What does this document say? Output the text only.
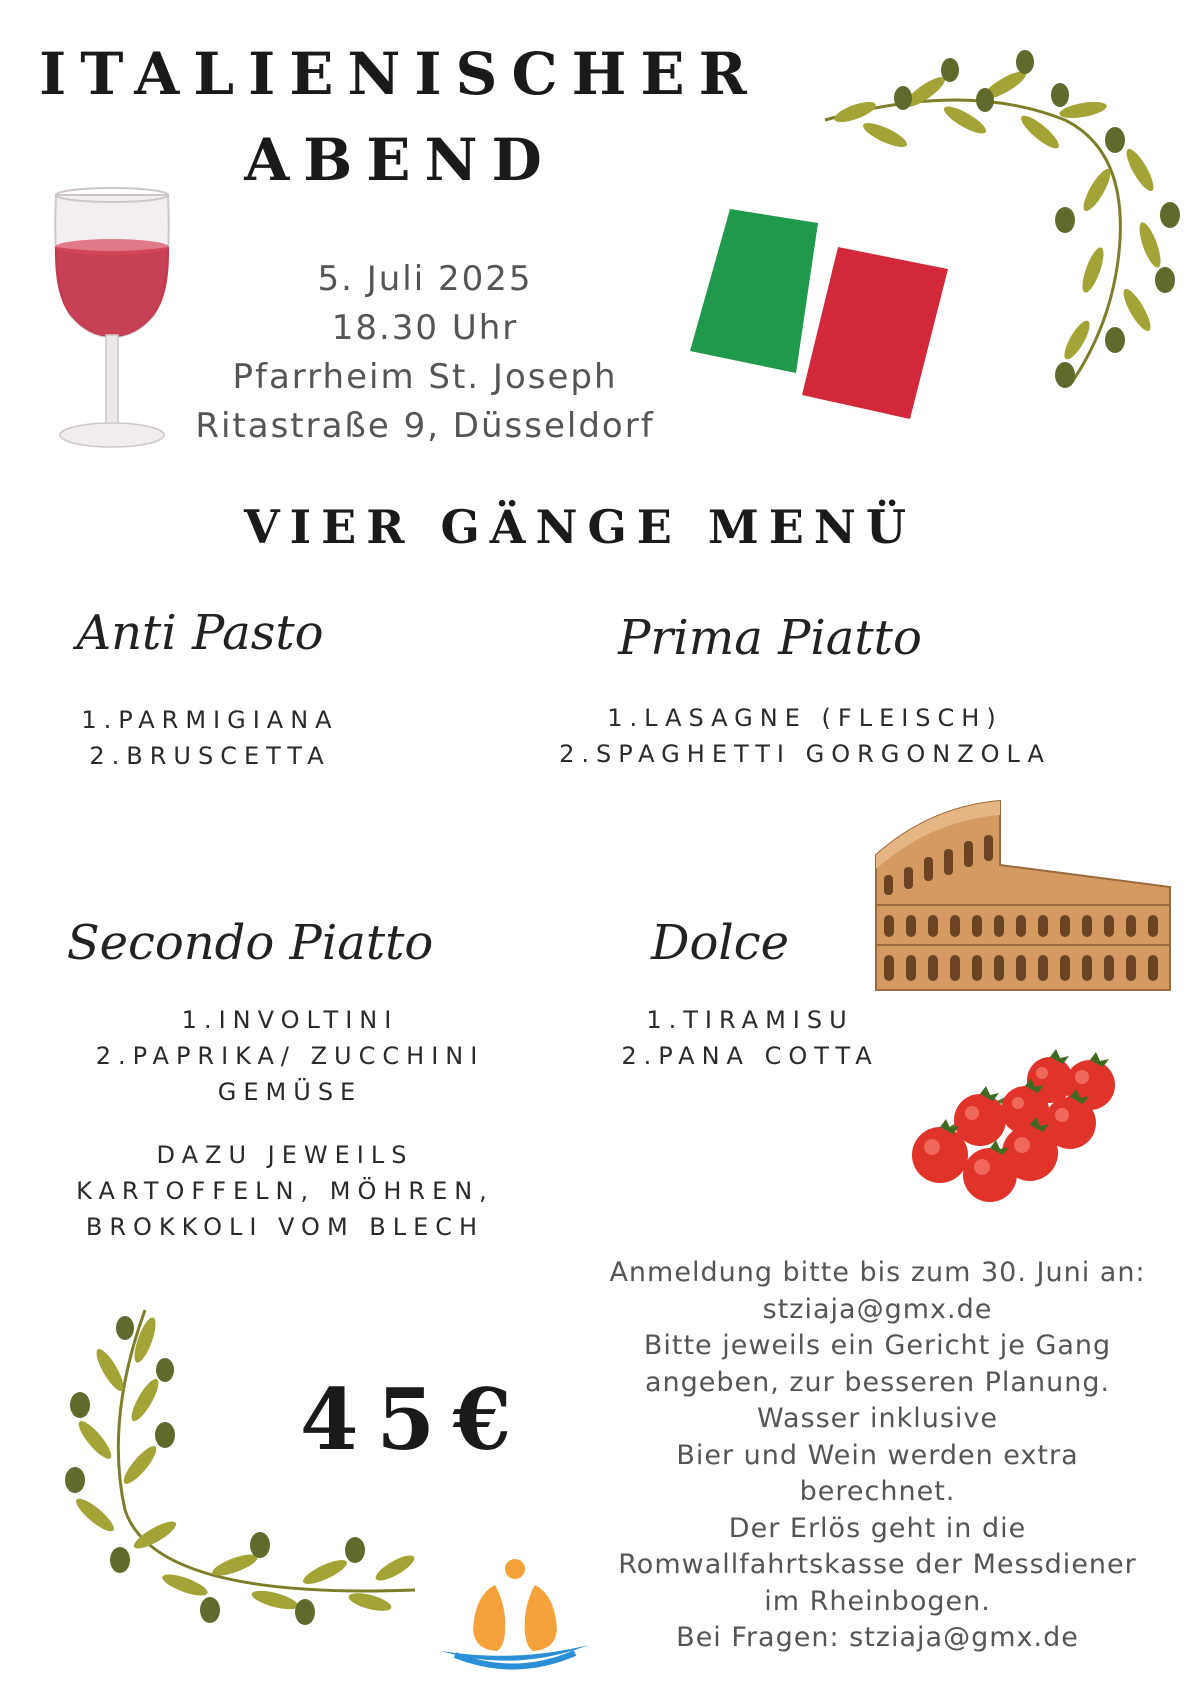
ITALIENISCHER
ABEND
5. Juli 2025
18.30 Uhr
Pfarrheim St. Joseph
Ritastraße 9, Düsseldorf
VIER GÄNGE MENÜ
Anti Pasto
1.PARMIGIANA
2.BRUSCETTA
Prima Piatto
1.LASAGNE (FLEISCH)
2.SPAGHETTI GORGONZOLA
Secondo Piatto
1.INVOLTINI
2.PAPRIKA/ ZUCCHINI
GEMÜSE
Dolce
1.TIRAMISU
2.PANA COTTA
DAZU JEWEILS
KARTOFFELN, MÖHREN,
BROKKOLI VOM BLECH
45€
Anmeldung bitte bis zum 30. Juni an:
stziaja@gmx.de
Bitte jeweils ein Gericht je Gang
angeben, zur besseren Planung.
Wasser inklusive
Bier und Wein werden extra
berechnet.
Der Erlös geht in die
Romwallfahrtskasse der Messdiener
im Rheinbogen.
Bei Fragen: stziaja@gmx.de
